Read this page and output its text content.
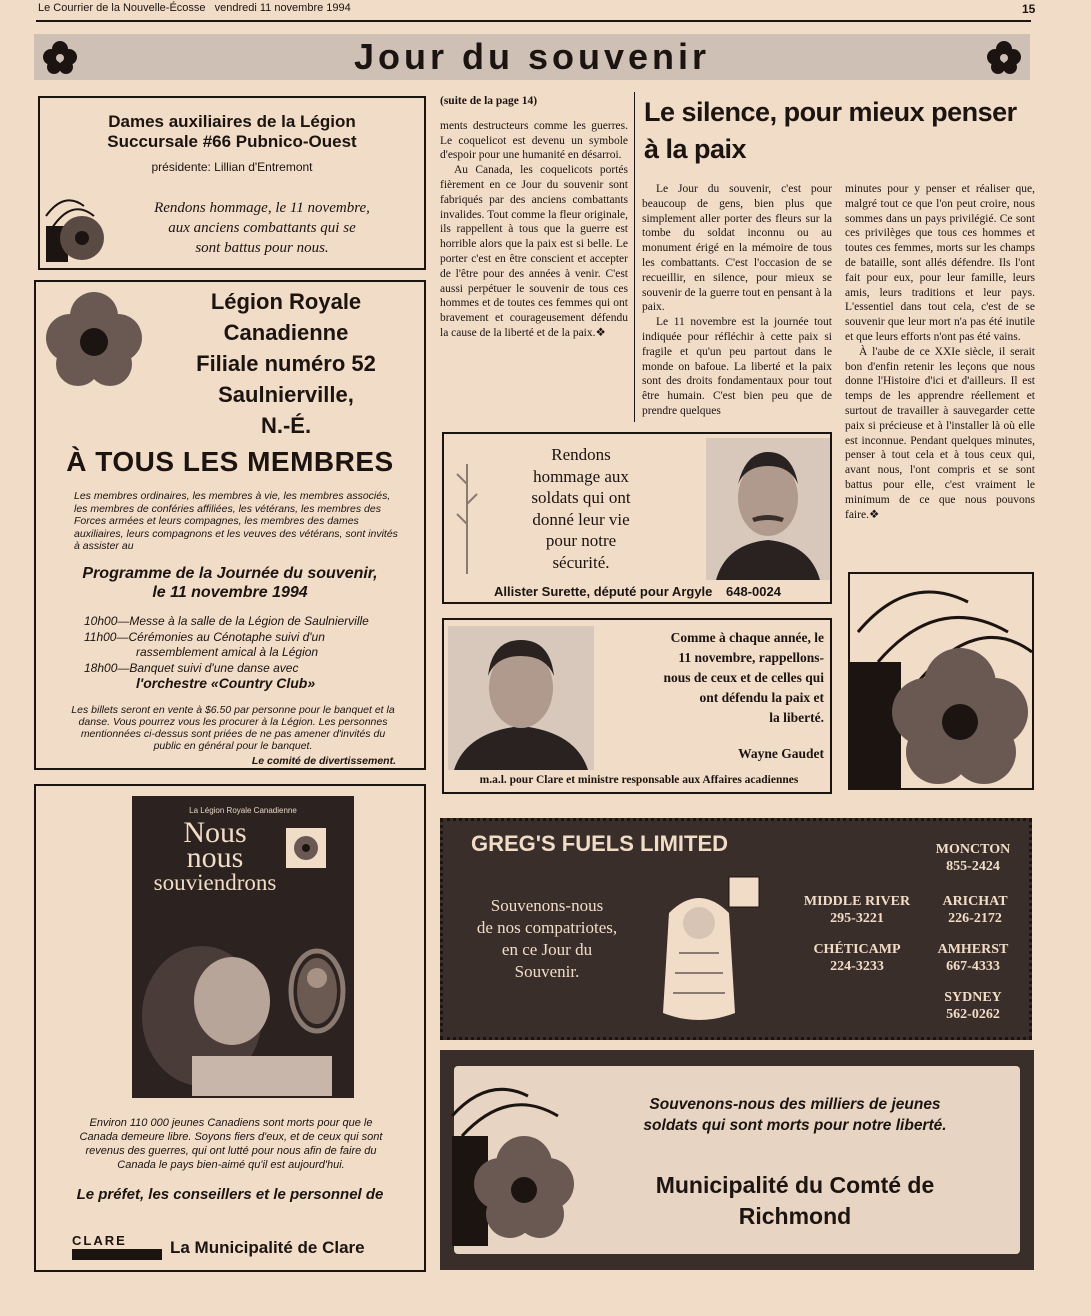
Le Courrier de la Nouvelle-Écosse vendredi 11 novembre 1994	15
Jour du souvenir
Dames auxiliaires de la Légion
Succursale #66 Pubnico-Ouest
présidente: Lillian d'Entremont
Rendons hommage, le 11 novembre,
aux anciens combattants qui se
sont battus pour nous.
Légion Royale
Canadienne
Filiale numéro 52
Saulnierville,
N.-É.
À TOUS LES MEMBRES
Les membres ordinaires, les membres à vie, les membres associés, les membres de conféries affiliées, les vétérans, les membres des Forces armées et leurs compagnes, les membres des dames auxiliaires, leurs compagnons et les veuves des vétérans, sont invités à assister au
Programme de la Journée du souvenir,
le 11 novembre 1994
10h00—Messe à la salle de la Légion de Saulnierville
11h00—Cérémonies au Cénotaphe suivi d'un
rassemblement amical à la Légion
18h00—Banquet suivi d'une danse avec
l'orchestre «Country Club»
Les billets seront en vente à $6.50 par personne pour le banquet et la danse. Vous pourrez vous les procurer à la Légion. Les personnes mentionnées ci-dessus sont priées de ne pas amener d'invités du public en général pour le banquet.
Le comité de divertissement.
La Légion Royale Canadienne
Nous
nous
souviendrons
Environ 110 000 jeunes Canadiens sont morts pour que le Canada demeure libre. Soyons fiers d'eux, et de ceux qui sont revenus des guerres, qui ont lutté pour nous afin de faire du Canada le pays bien-aimé qu'il est aujourd'hui.
Le préfet, les conseillers et le personnel de
CLARE	La Municipalité de Clare
(suite de la page 14)

ments destructeurs comme les guerres. Le coquelicot est devenu un symbole d'espoir pour une humanité en désarroi.

Au Canada, les coquelicots portés fièrement en ce Jour du souvenir sont fabriqués par des anciens combattants invalides. Tout comme la fleur originale, ils rappellent à tous que la guerre est horrible alors que la paix est si belle. Le porter c'est en être conscient et accepter de l'être pour des années à venir. C'est aussi perpétuer le souvenir de tous ces hommes et de toutes ces femmes qui ont bravement et courageusement défendu la cause de la liberté et de la paix.❖

Le silence, pour mieux penser à la paix

Le Jour du souvenir, c'est pour beaucoup de gens, bien plus que simplement aller porter des fleurs sur la tombe du soldat inconnu ou au monument érigé en la mémoire de tous les combattants. C'est l'occasion de se recueillir, en silence, pour mieux se souvenir de la guerre tout en pensant à la paix.

Le 11 novembre est la journée tout indiquée pour réfléchir à cette paix si fragile et qu'un peu partout dans le monde on bafoue. La liberté et la paix sont des droits fondamentaux pour tout être humain. C'est bien peu que de prendre quelques

minutes pour y penser et réaliser que, malgré tout ce que l'on peut croire, nous sommes dans un pays privilégié. Ce sont ces privilèges que tous ces hommes et toutes ces femmes, morts sur les champs de bataille, sont allés défendre. Ils l'ont fait pour eux, pour leur famille, leurs amis, leurs traditions et leur pays. L'essentiel dans tout cela, c'est de se souvenir que leur mort n'a pas été inutile et que leurs efforts n'ont pas été vains.

À l'aube de ce XXIe siècle, il serait bon d'enfin retenir les leçons que nous donne l'Histoire d'ici et d'ailleurs. Il est temps de les apprendre réellement et surtout de travailler à sauvegarder cette paix si précieuse et à l'installer là où elle est inconnue. Pendant quelques minutes, penser à tout cela et à tous ceux qui, avant nous, l'ont compris et se sont battus pour elle, c'est vraiment le minimum de ce que nous pouvons faire.❖

Rendons
hommage aux
soldats qui ont
donné leur vie
pour notre
sécurité.
Allister Surette, député pour Argyle 648-0024
Comme à chaque année, le
11 novembre, rappellons-
nous de ceux et de celles qui
ont défendu la paix et
la liberté.
Wayne Gaudet
m.a.l. pour Clare et ministre responsable aux Affaires acadiennes
GREG'S FUELS LIMITED
Souvenons-nous
de nos compatriotes,
en ce Jour du
Souvenir.
MONCTON
855-2424
MIDDLE RIVER
295-3221
ARICHAT
226-2172
CHÉTICAMP
224-3233
AMHERST
667-4333
SYDNEY
562-0262
Souvenons-nous des milliers de jeunes
soldats qui sont morts pour notre liberté.
Municipalité du Comté de
Richmond
